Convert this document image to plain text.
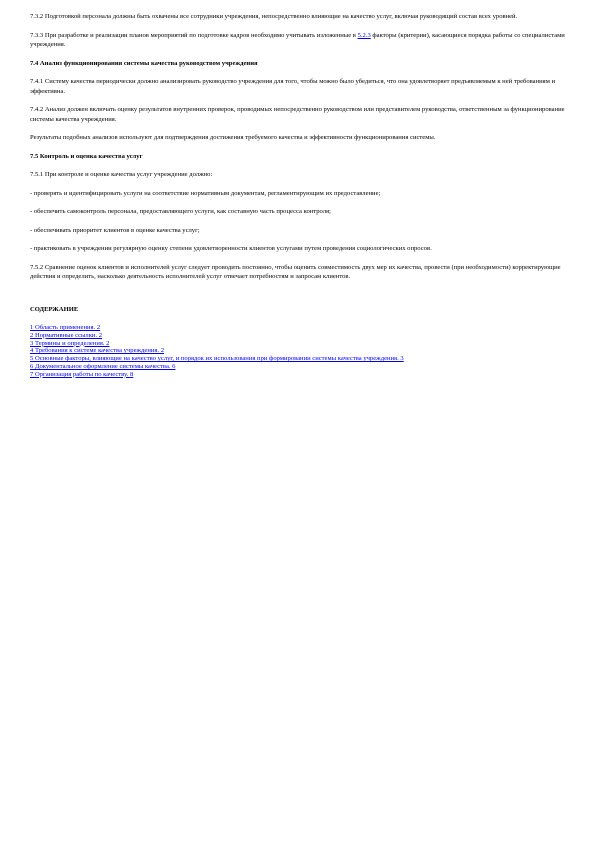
7.3.2 Подготовкой персонала должны быть охвачены все сотрудники учреждения, непосредственно влияющие на качество услуг, включая руководящий состав всех уровней.

7.3.3 При разработке и реализации планов мероприятий по подготовке кадров необходимо учитывать изложенные в 5.2.3 факторы (критерии), касающиеся порядка работы со специалистами учреждения.

7.4 Анализ функционирования системы качества руководством учреждения

7.4.1 Систему качества периодически должно анализировать руководство учреждения для того, чтобы можно было убедиться, что она удовлетворяет предъявляемым к ней требованиям и эффективна.

7.4.2 Анализ должен включать оценку результатов внутренних проверок, проводимых непосредственно руководством или представителем руководства, ответственным за функционирование системы качества учреждения.

Результаты подобных анализов используют для подтверждения достижения требуемого качества и эффективности функционирования системы.

7.5 Контроль и оценка качества услуг

7.5.1 При контроле и оценке качества услуг учреждение должно:

- проверять и идентифицировать услуги на соответствие нормативным документам, регламентирующим их предоставление;

- обеспечить самоконтроль персонала, предоставляющего услуги, как составную часть процесса контроля;

- обеспечивать приоритет клиентов в оценке качества услуг;

- практиковать в учреждении регулярную оценку степени удовлетворенности клиентов услугами путем проведения социологических опросов.

7.5.2 Сравнение оценок клиентов и исполнителей услуг следует проводить постоянно, чтобы оценить совместимость двух мер их качества, провести (при необходимости) корректирующие действия и определить, насколько деятельность исполнителей услуг отвечает потребностям и запросам клиентов.

СОДЕРЖАНИЕ
1 Область применения. 2
2 Нормативные ссылки. 2
3 Термины и определения. 2
4 Требования к системе качества учреждения. 2
5 Основные факторы, влияющие на качество услуг, и порядок их использования при формировании системы качества учреждения. 3
6 Документальное оформление системы качества. 6
7 Организация работы по качеству. 8
